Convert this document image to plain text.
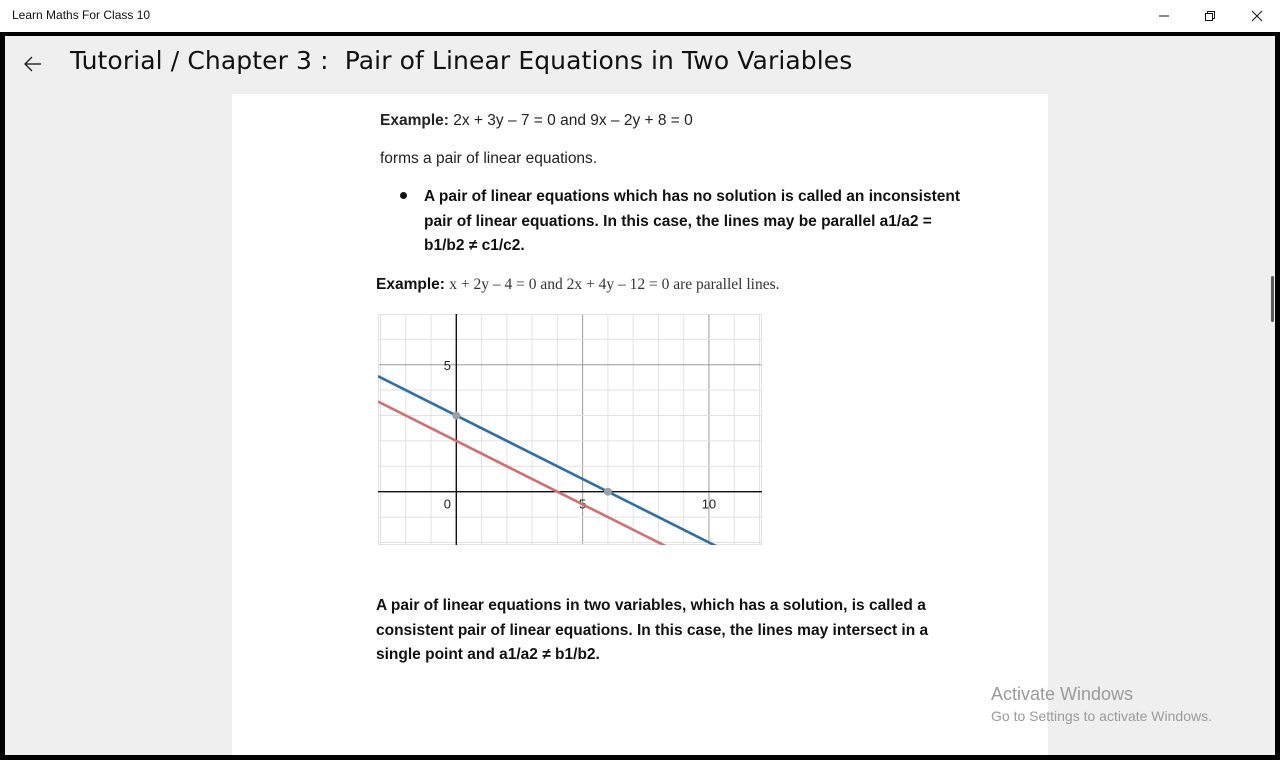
Learn Maths For Class 10
Tutorial / Chapter 3 :  Pair of Linear Equations in Two Variables
Example: 2x + 3y – 7 = 0 and 9x – 2y + 8 = 0
forms a pair of linear equations.
A pair of linear equations which has no solution is called an inconsistent pair of linear equations. In this case, the lines may be parallel a1/a2 = b1/b2 ≠ c1/c2.
Example: x + 2y – 4 = 0 and 2x + 4y – 12 = 0 are parallel lines.
0	5	10
5
A pair of linear equations in two variables, which has a solution, is called a consistent pair of linear equations. In this case, the lines may intersect in a single point and a1/a2 ≠ b1/b2.
Activate Windows
Go to Settings to activate Windows.
